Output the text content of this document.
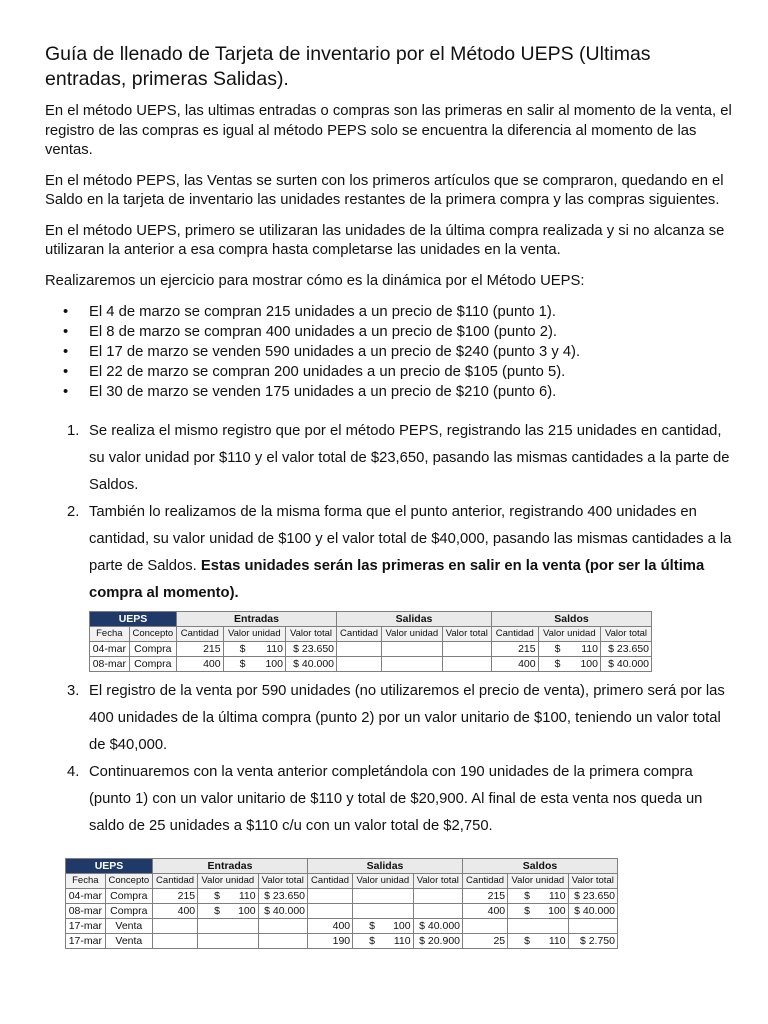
Guía de llenado de Tarjeta de inventario por el Método UEPS (Ultimas entradas, primeras Salidas).

En el método UEPS, las ultimas entradas o compras son las primeras en salir al momento de la venta, el registro de las compras es igual al método PEPS solo se encuentra la diferencia al momento de las ventas.

En el método PEPS, las Ventas se surten con los primeros artículos que se compraron, quedando en el Saldo en la tarjeta de inventario las unidades restantes de la primera compra y las compras siguientes.

En el método UEPS, primero se utilizaran las unidades de la última compra realizada y si no alcanza se utilizaran la anterior a esa compra hasta completarse las unidades en la venta.

Realizaremos un ejercicio para mostrar cómo es la dinámica por el Método UEPS:

• El 4 de marzo se compran 215 unidades a un precio de $110 (punto 1).
• El 8 de marzo se compran 400 unidades a un precio de $100 (punto 2).
• El 17 de marzo se venden 590 unidades a un precio de $240 (punto 3 y 4).
• El 22 de marzo se compran 200 unidades a un precio de $105 (punto 5).
• El 30 de marzo se venden 175 unidades a un precio de $210 (punto 6).
1. Se realiza el mismo registro que por el método PEPS, registrando las 215 unidades en cantidad, su valor unidad por $110 y el valor total de $23,650, pasando las mismas cantidades a la parte de Saldos.
2. También lo realizamos de la misma forma que el punto anterior, registrando 400 unidades en cantidad, su valor unidad de $100 y el valor total de $40,000, pasando las mismas cantidades a la parte de Saldos. Estas unidades serán las primeras en salir en la venta (por ser la última compra al momento).
UEPS		Entradas			Salidas			Saldos		
Fecha	Concepto	Cantidad	Valor unidad	Valor total	Cantidad	Valor unidad	Valor total	Cantidad	Valor unidad	Valor total
04-mar	Compra	215	$ 110	$ 23.650				215	$ 110	$ 23.650
08-mar	Compra	400	$ 100	$ 40.000				400	$ 100	$ 40.000
3. El registro de la venta por 590 unidades (no utilizaremos el precio de venta), primero será por las 400 unidades de la última compra (punto 2) por un valor unitario de $100, teniendo un valor total de $40,000.
4. Continuaremos con la venta anterior completándola con 190 unidades de la primera compra (punto 1) con un valor unitario de $110 y total de $20,900. Al final de esta venta nos queda un saldo de 25 unidades a $110 c/u con un valor total de $2,750.
UEPS		Entradas			Salidas			Saldos		
Fecha	Concepto	Cantidad	Valor unidad	Valor total	Cantidad	Valor unidad	Valor total	Cantidad	Valor unidad	Valor total
04-mar	Compra	215	$ 110	$ 23.650				215	$ 110	$ 23.650
08-mar	Compra	400	$ 100	$ 40.000				400	$ 100	$ 40.000
17-mar	Venta				400	$ 100	$ 40.000			
17-mar	Venta				190	$ 110	$ 20.900	25	$ 110	$ 2.750
